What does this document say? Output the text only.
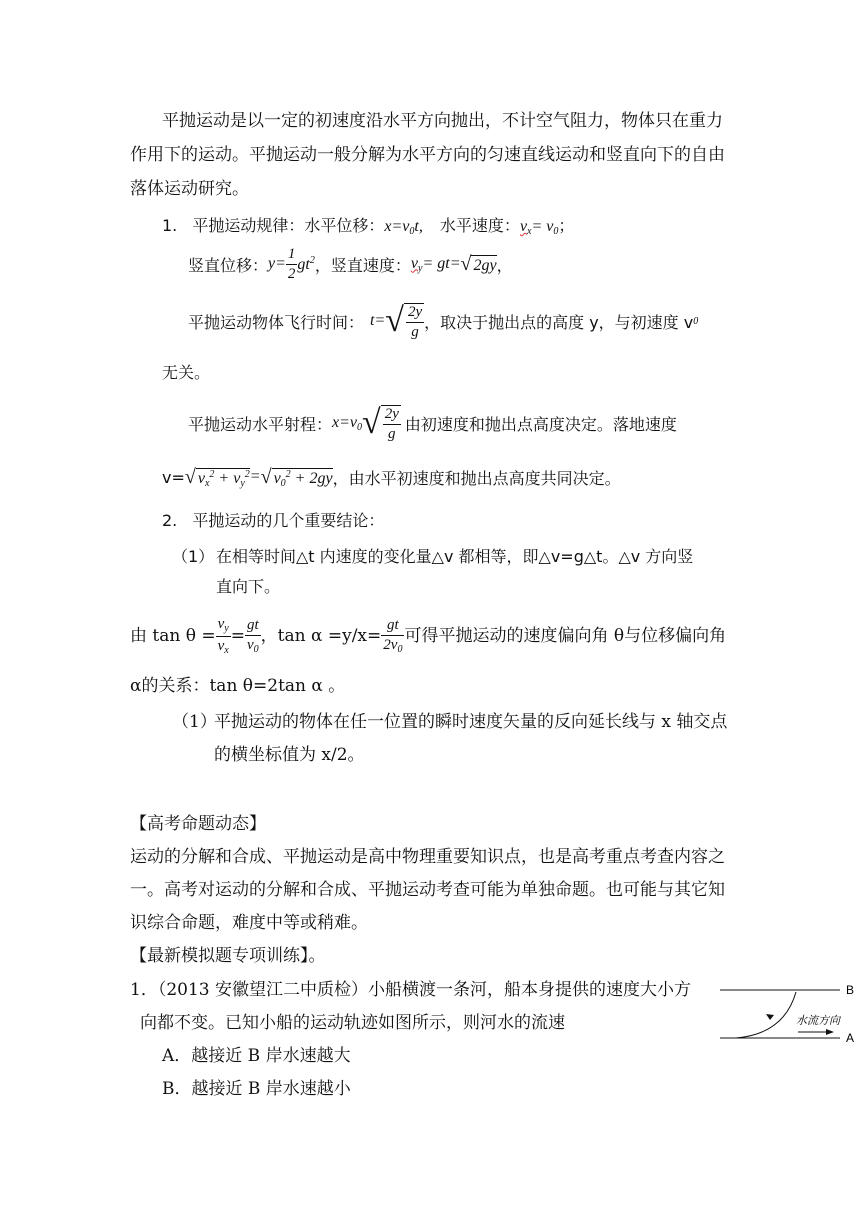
平抛运动是以一定的初速度沿水平方向抛出，不计空气阻力，物体只在重力
作用下的运动。平抛运动一般分解为水平方向的匀速直线运动和竖直向下的自由
落体运动研究。
1. 平抛运动规律：水平位移：$x=v_0t$, 水平速度：$v_x= v_0$；
竖直位移： $y= \frac{1}{2} gt^2$ ，竖直速度： $v_y= gt=$ √ 2gy ，
平抛运动物体飞行时间： t= √ $\frac{2y}{g}$ ，取决于抛出点的高度 y，与初速度 v 0
无关。
平抛运动水平射程： $x=v_0$ √ $\frac{2y}{g}$ 由初速度和抛出点高度决定。落地速度
v= √ $v_x^2 + v_y^2$ = √ $v_0^2 + 2gy$ ，由水平初速度和抛出点高度共同决定。
2. 平抛运动的几个重要结论：
（1） 在相等时间△t 内速度的变化量△v 都相等，即△v=g△t。△v 方向竖
直向下。
由 $\tan \theta = \frac{v_y}{v_x} = \frac{gt}{v_0}$ ，$\tan \alpha =y/x= \frac{gt}{2v_0}$ 可得平抛运动的速度偏向角 θ与位移偏向角
α的关系：tan θ=2tan α 。
（1）
平抛运动的物体在任一位置的瞬时速度矢量的反向延长线与 x 轴交点
的横坐标值为 x/2。
【高考命题动态】
运动的分解和合成、平抛运动是高中物理重要知识点，也是高考重点考查内容之
一。高考对运动的分解和合成、平抛运动考查可能为单独命题。也可能与其它知
识综合命题，难度中等或稍难。
【最新模拟题专项训练】。
1．（2013 安徽望江二中质检）小船横渡一条河，船本身提供的速度大小方
向都不变。已知小船的运动轨迹如图所示，则河水的流速
A．越接近 B 岸水速越大
B．越接近 B 岸水速越小
B
A
水流方向
